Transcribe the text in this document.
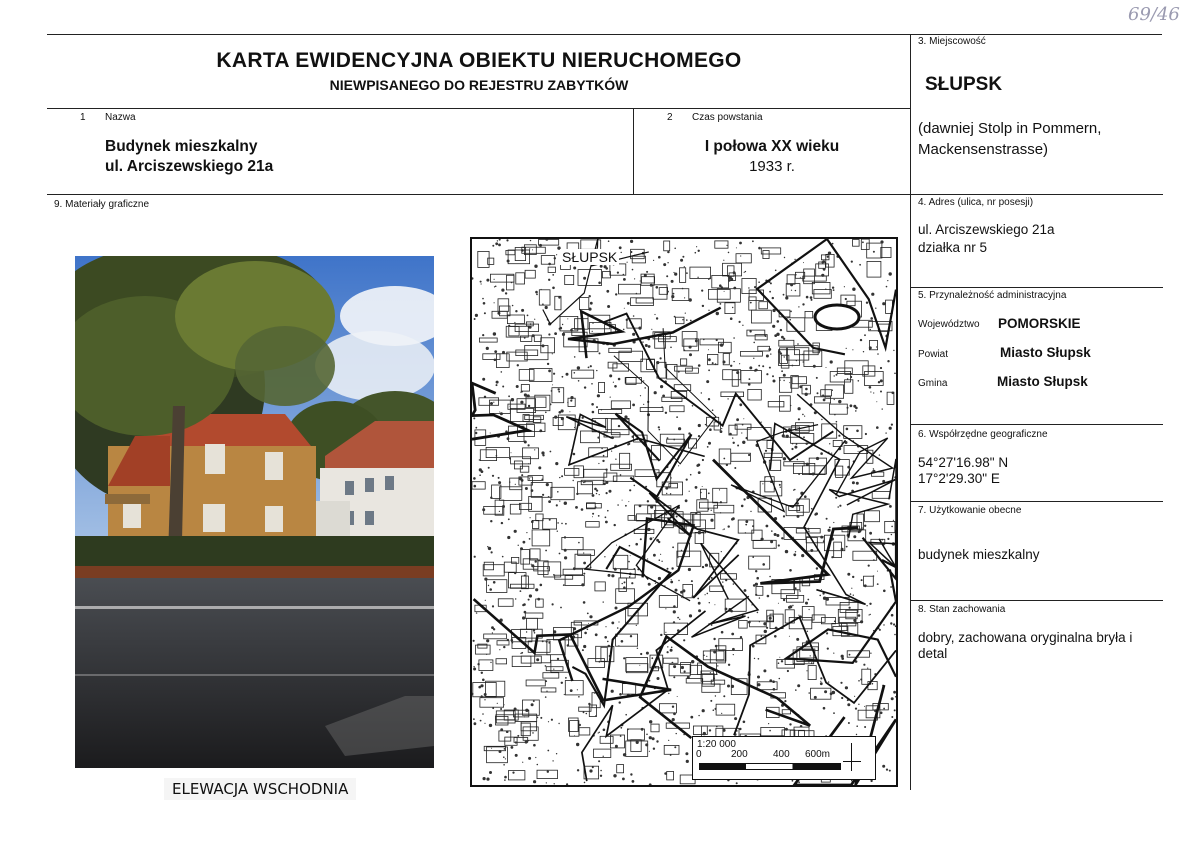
69/46
KARTA EWIDENCYJNA OBIEKTU NIERUCHOMEGO
NIEWPISANEGO DO REJESTRU ZABYTKÓW
1 Nazwa
Budynek mieszkalny
ul. Arciszewskiego 21a
2 Czas powstania
I połowa XX wieku
1933 r.
3. Miejscowość
SŁUPSK
(dawniej Stolp in Pommern,
Mackensenstrasse)
4. Adres (ulica, nr posesji)
ul. Arciszewskiego 21a
działka nr 5
5. Przynależność administracyjna
Województwo POMORSKIE
Powiat	Miasto Słupsk
Gmina	Miasto Słupsk
6. Współrzędne geograficzne
54°27'16.98" N
17°2'29.30" E
7. Użytkowanie obecne
budynek mieszkalny
8. Stan zachowania
dobry, zachowana oryginalna bryła i
detal
9. Materiały graficzne
ELEWACJA WSCHODNIA
SŁUPSK
1:20 000
0	200	400 600m
